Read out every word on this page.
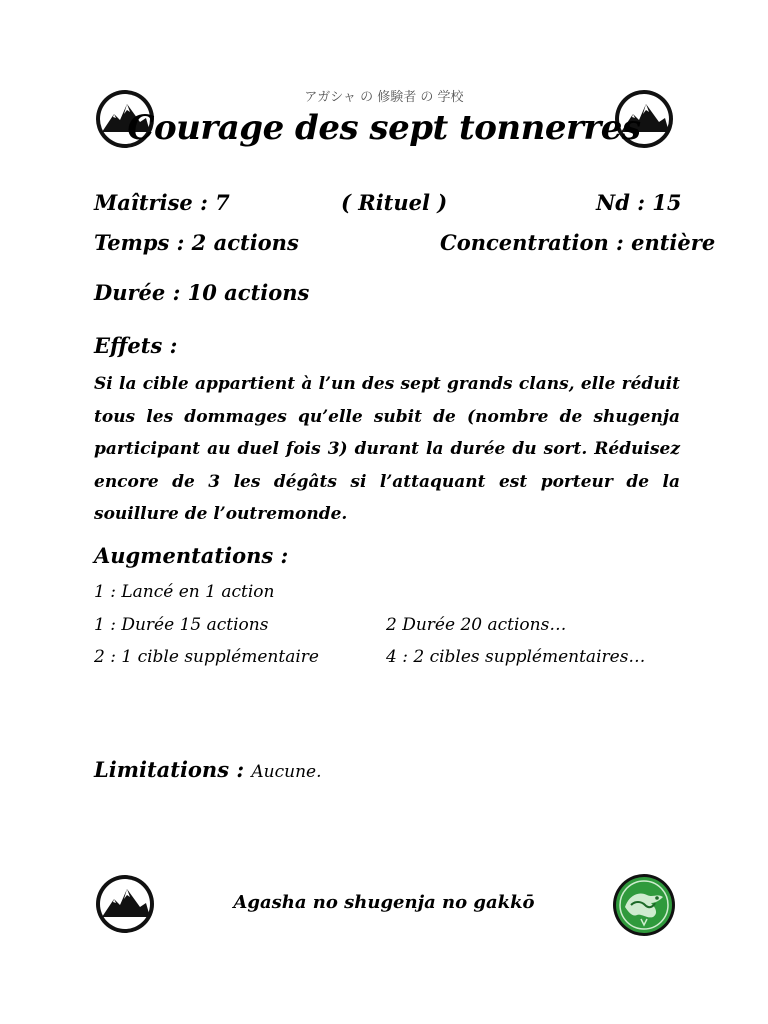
アガシャ の 修験者 の 学校
Courage des sept tonnerres
Maîtrise : 7	( Rituel )	Nd : 15
Temps : 2 actions	Concentration : entière
Durée : 10 actions
Effets :
Si la cible appartient à l’un des sept grands clans, elle réduit tous les dommages qu’elle subit de (nombre de shugenja participant au duel fois 3) durant la durée du sort. Réduisez encore de 3 les dégâts si l’attaquant est porteur de la souillure de l’outremonde.
Augmentations :
1 : Lancé en 1 action
1 : Durée 15 actions	2 Durée 20 actions…
2 : 1 cible supplémentaire	4 : 2 cibles supplémentaires…
Limitations : Aucune.
Agasha no shugenja no gakkō
